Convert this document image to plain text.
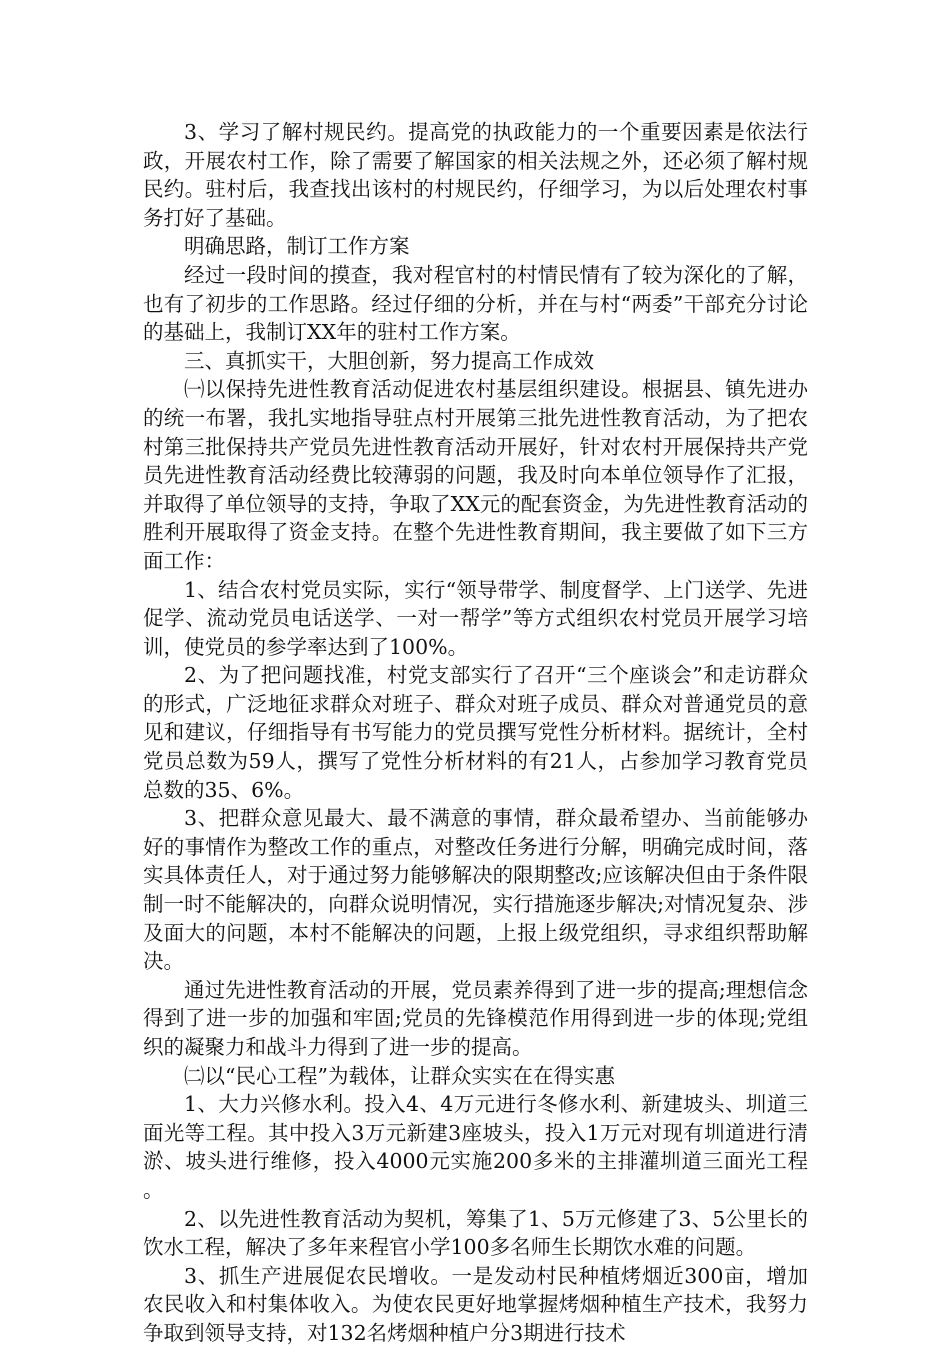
3、学习了解村规民约。提高党的执政能力的一个重要因素是依法行政，开展农村工作，除了需要了解国家的相关法规之外，还必须了解村规民约。驻村后，我查找出该村的村规民约，仔细学习，为以后处理农村事务打好了基础。

明确思路，制订工作方案

经过一段时间的摸查，我对程官村的村情民情有了较为深化的了解，也有了初步的工作思路。经过仔细的分析，并在与村“两委”干部充分讨论的基础上，我制订XX年的驻村工作方案。

三、真抓实干，大胆创新，努力提高工作成效

㈠以保持先进性教育活动促进农村基层组织建设。根据县、镇先进办的统一布署，我扎实地指导驻点村开展第三批先进性教育活动，为了把农村第三批保持共产党员先进性教育活动开展好，针对农村开展保持共产党员先进性教育活动经费比较薄弱的问题，我及时向本单位领导作了汇报，并取得了单位领导的支持，争取了XX元的配套资金，为先进性教育活动的胜利开展取得了资金支持。在整个先进性教育期间，我主要做了如下三方面工作：

1、结合农村党员实际，实行“领导带学、制度督学、上门送学、先进促学、流动党员电话送学、一对一帮学”等方式组织农村党员开展学习培训，使党员的参学率达到了100%。

2、为了把问题找准，村党支部实行了召开“三个座谈会”和走访群众的形式，广泛地征求群众对班子、群众对班子成员、群众对普通党员的意见和建议，仔细指导有书写能力的党员撰写党性分析材料。据统计，全村党员总数为59人，撰写了党性分析材料的有21人，占参加学习教育党员总数的35、6%。

3、把群众意见最大、最不满意的事情，群众最希望办、当前能够办好的事情作为整改工作的重点，对整改任务进行分解，明确完成时间，落实具体责任人，对于通过努力能够解决的限期整改;应该解决但由于条件限制一时不能解决的，向群众说明情况，实行措施逐步解决;对情况复杂、涉及面大的问题，本村不能解决的问题，上报上级党组织，寻求组织帮助解决。

通过先进性教育活动的开展，党员素养得到了进一步的提高;理想信念得到了进一步的加强和牢固;党员的先锋模范作用得到进一步的体现;党组织的凝聚力和战斗力得到了进一步的提高。

㈡以“民心工程”为载体，让群众实实在在得实惠

1、大力兴修水利。投入4、4万元进行冬修水利、新建坡头、圳道三面光等工程。其中投入3万元新建3座坡头，投入1万元对现有圳道进行清淤、坡头进行维修，投入4000元实施200多米的主排灌圳道三面光工程。

2、以先进性教育活动为契机，筹集了1、5万元修建了3、5公里长的饮水工程，解决了多年来程官小学100多名师生长期饮水难的问题。

3、抓生产进展促农民增收。一是发动村民种植烤烟近300亩，增加农民收入和村集体收入。为使农民更好地掌握烤烟种植生产技术，我努力争取到领导支持，对132名烤烟种植户分3期进行技术
